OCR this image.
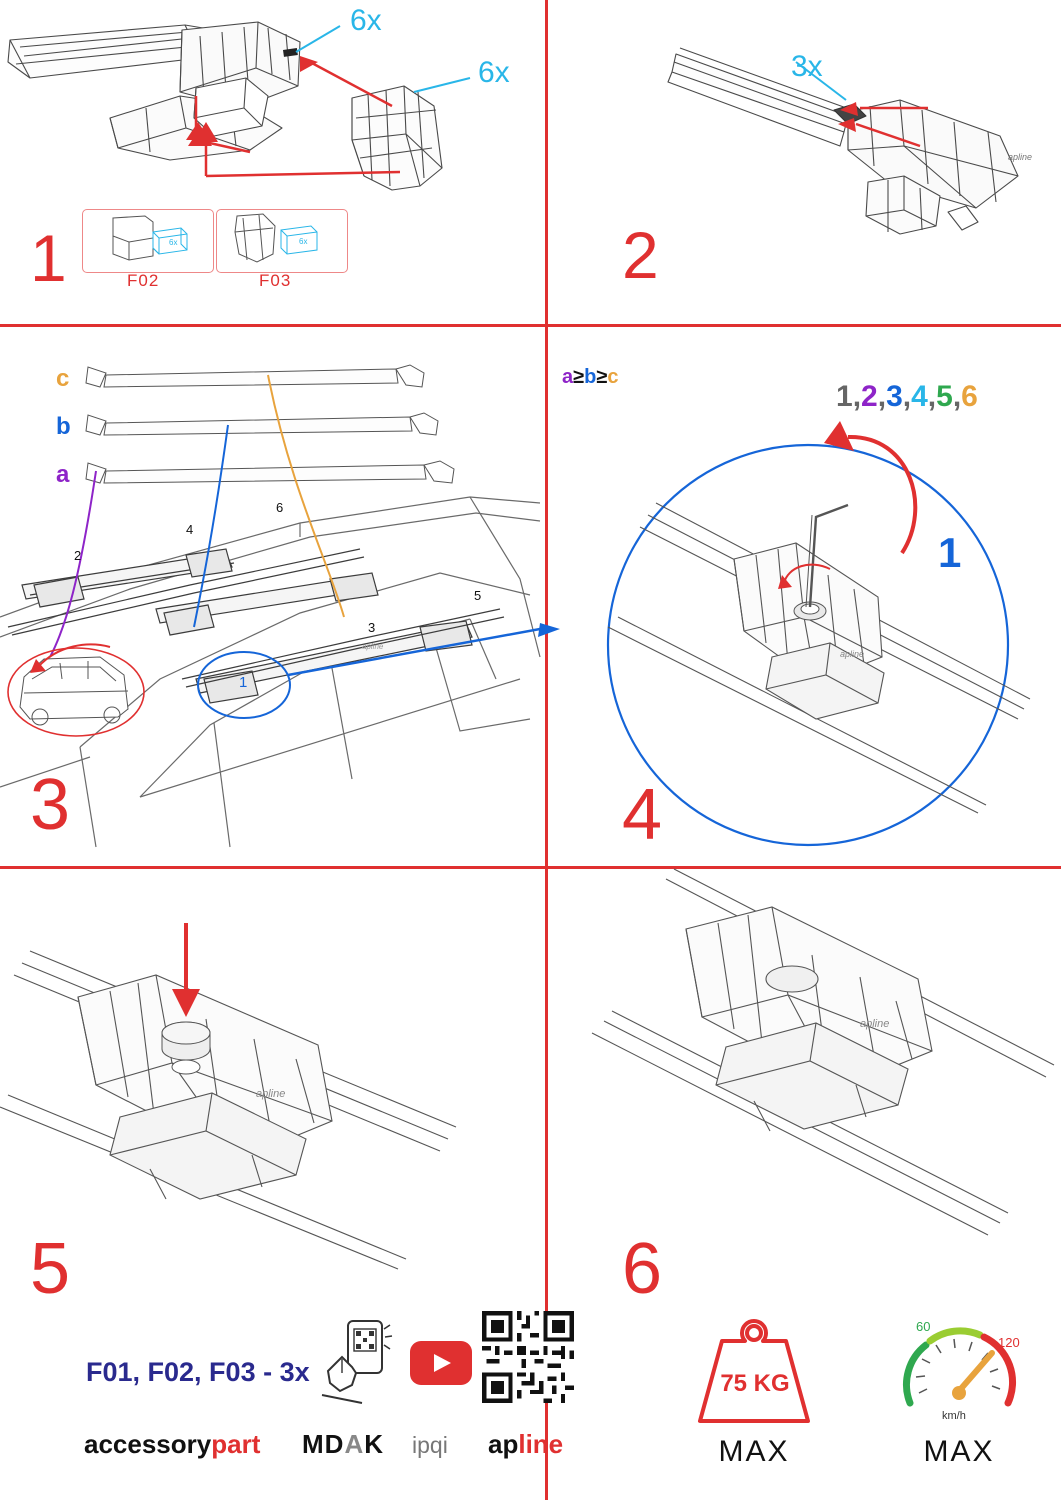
6x
6x
6x
F02
6x
F03
1
apline
3x
2
apline
c
b
a
a≥b≥c
2
4
6
3
5
1
3
apline
1,2,3,4,5,6
1
4
apline
5
F01, F02, F03 - 3x
accessorypart MDAK ipqi apline
apline
6
75 KG
MAX
60
120
km/h
MAX
